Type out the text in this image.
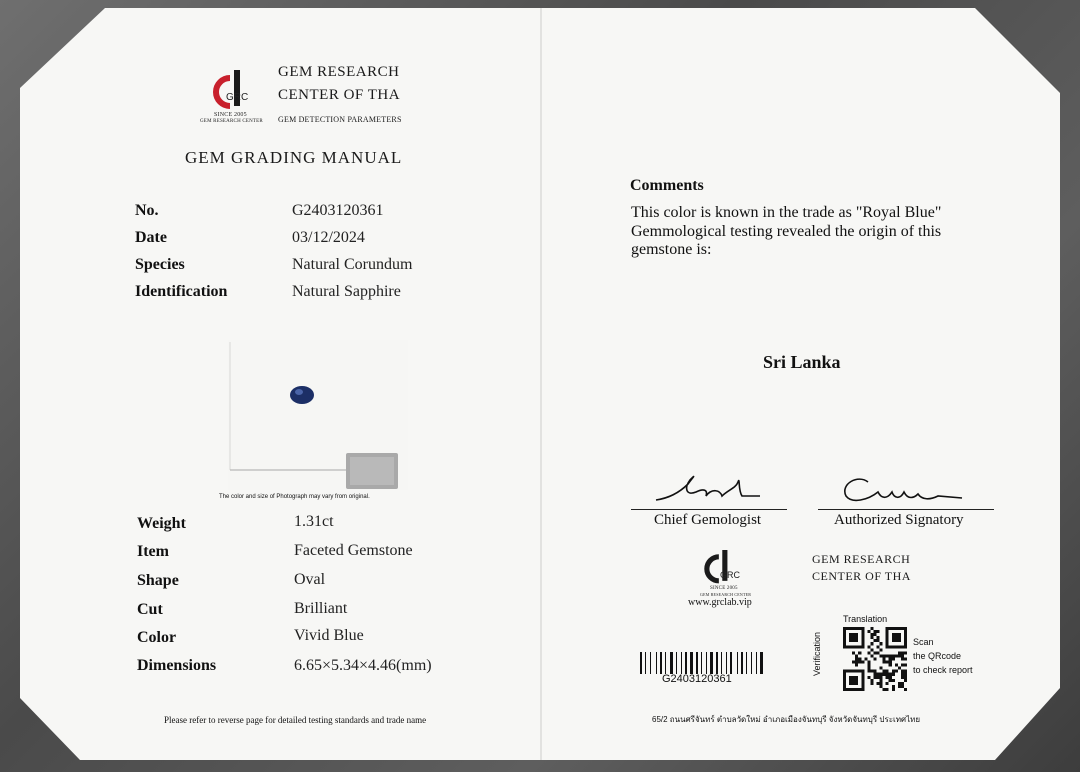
GRC
SINCE 2005
GEM RESEARCH CENTER
GEM RESEARCH
CENTER OF THA
GEM DETECTION PARAMETERS
GEM GRADING MANUAL
No.	G2403120361
Date	03/12/2024
Species	Natural Corundum
Identification	Natural Sapphire
The color and size of Photograph may vary from original.
Weight	1.31ct
Item	Faceted Gemstone
Shape	Oval
Cut	Brilliant
Color	Vivid Blue
Dimensions	6.65×5.34×4.46(mm)
Please refer to reverse page for detailed testing standards and trade name
Comments
This color is known in the trade as "Royal Blue"
Gemmological testing revealed the origin of this
gemstone is:
Sri Lanka
Chief Gemologist	Authorized Signatory
GRC
SINCE 2005
GEM RESEARCH CENTER
www.grclab.vip
GEM RESEARCH
CENTER OF THA
G2403120361
Translation
Verification	Scan
the QRcode
to check report
65/2 ถนนศรีจันทร์ ตำบลวัดใหม่ อำเภอเมืองจันทบุรี จังหวัดจันทบุรี ประเทศไทย
